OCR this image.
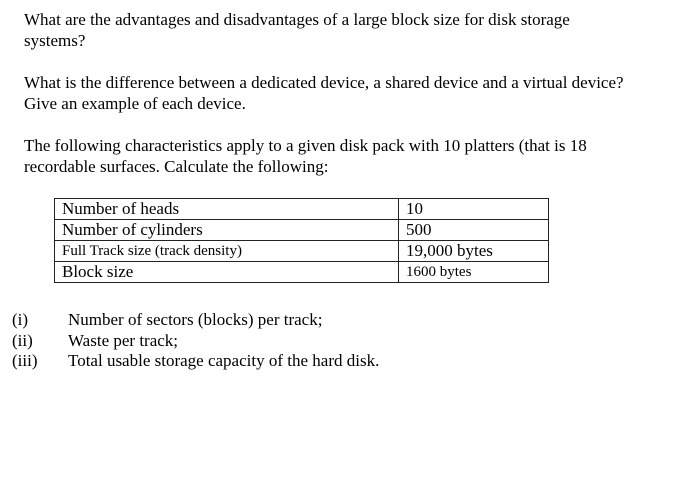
What are the advantages and disadvantages of a large block size for disk storage systems?

What is the difference between a dedicated device, a shared device and a virtual device? Give an example of each device.

The following characteristics apply to a given disk pack with 10 platters (that is 18 recordable surfaces. Calculate the following:

Number of heads	10
Number of cylinders	500
Full Track size (track density)	19,000 bytes
Block size	1600 bytes
(i) Number of sectors (blocks) per track;
(ii) Waste per track;
(iii) Total usable storage capacity of the hard disk.
